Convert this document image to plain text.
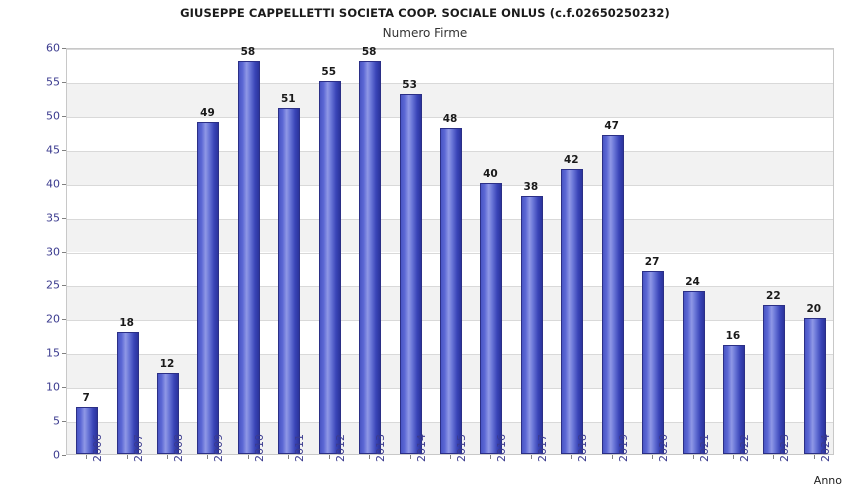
GIUSEPPE CAPPELLETTI SOCIETA COOP. SOCIALE ONLUS (c.f.02650250232)
Numero Firme
0
5
10
15
20
25
30
35
40
45
50
55
60
2006 2007 2008 2009 2010 2011 2012 2013 2014 2015 2016 2017 2018 2019 2020 2021 2022 2023 2024
Anno
7
18
12
49
58
51
55
58
53
48
40
38
42
47
27
24
16
22
20
